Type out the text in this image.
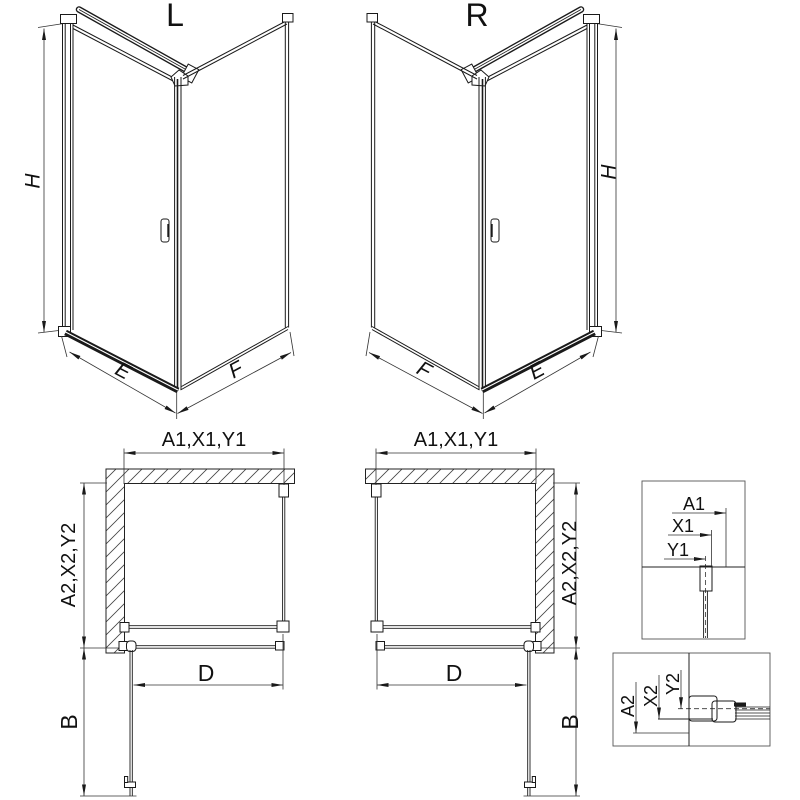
L
H
E	F
R
H
E
F
A1,X1,Y1
A2,X2,Y2
D
B
A1,X1,Y1
A2,X2,Y2
D
B
A1
X1
Y1
A2 X2
Y2
